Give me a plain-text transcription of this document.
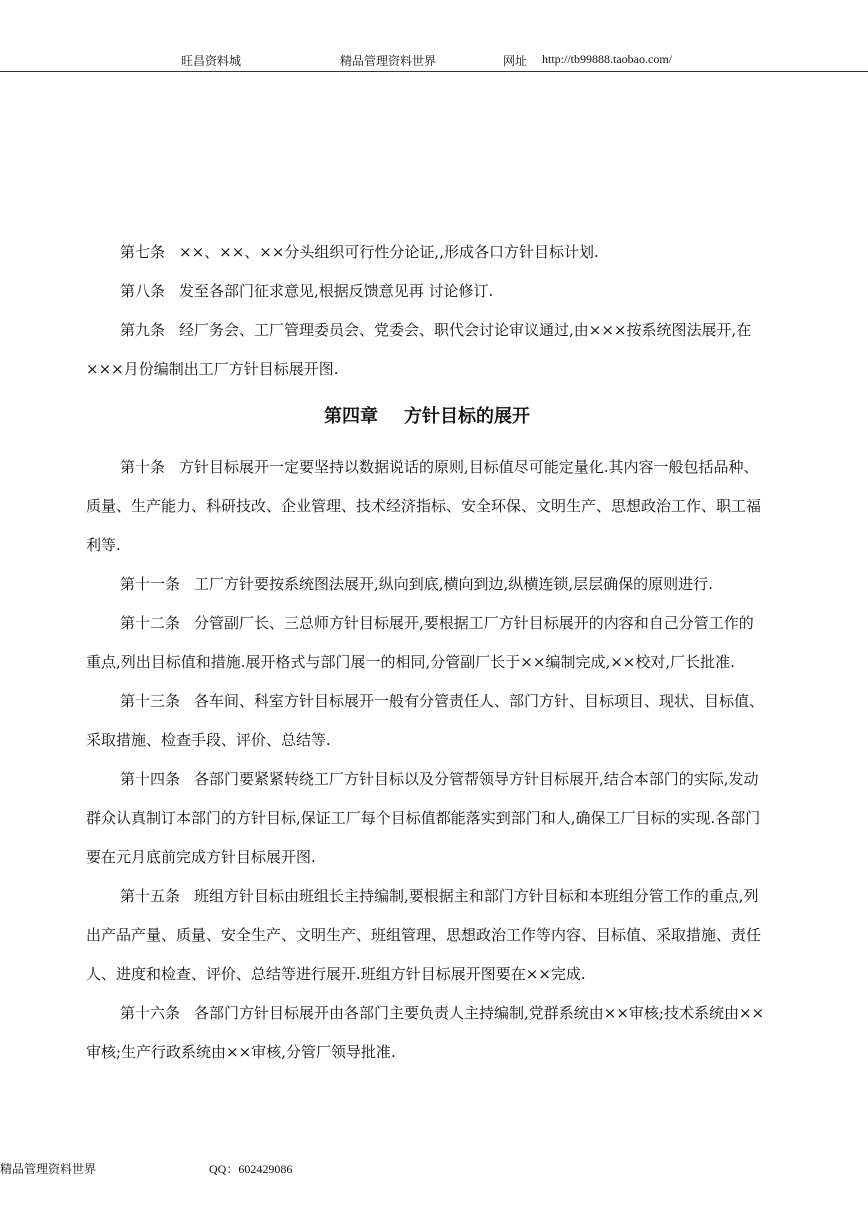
旺昌资料城	精品管理资料世界	网址 http://tb99888.taobao.com/

第七条 ××、××、××分头组织可行性分论证,,形成各口方针目标计划.

第八条 发至各部门征求意见,根据反馈意见再 讨论修订.

第九条 经厂务会、工厂管理委员会、党委会、职代会讨论审议通过,由×××按系统图法展开,在×××月份编制出工厂方针目标展开图.

第四章 方针目标的展开

第十条 方针目标展开一定要坚持以数据说话的原则,目标值尽可能定量化.其内容一般包括品种、质量、生产能力、科研技改、企业管理、技术经济指标、安全环保、文明生产、思想政治工作、职工福利等.

第十一条 工厂方针要按系统图法展开,纵向到底,横向到边,纵横连锁,层层确保的原则进行.

第十二条 分管副厂长、三总师方针目标展开,要根据工厂方针目标展开的内容和自己分管工作的重点,列出目标值和措施.展开格式与部门展一的相同,分管副厂长于××编制完成,××校对,厂长批准.

第十三条 各车间、科室方针目标展开一般有分管责任人、部门方针、目标项目、现状、目标值、采取措施、检查手段、评价、总结等.

第十四条 各部门要紧紧转绕工厂方针目标以及分管帮领导方针目标展开,结合本部门的实际,发动群众认真制订本部门的方针目标,保证工厂每个目标值都能落实到部门和人,确保工厂目标的实现.各部门要在元月底前完成方针目标展开图.

第十五条 班组方针目标由班组长主持编制,要根据主和部门方针目标和本班组分管工作的重点,列出产品产量、质量、安全生产、文明生产、班组管理、思想政治工作等内容、目标值、采取措施、责任人、进度和检查、评价、总结等进行展开.班组方针目标展开图要在××完成.

第十六条 各部门方针目标展开由各部门主要负责人主持编制,党群系统由××审核;技术系统由××审核;生产行政系统由××审核,分管厂领导批准.

精品管理资料世界	QQ：602429086
